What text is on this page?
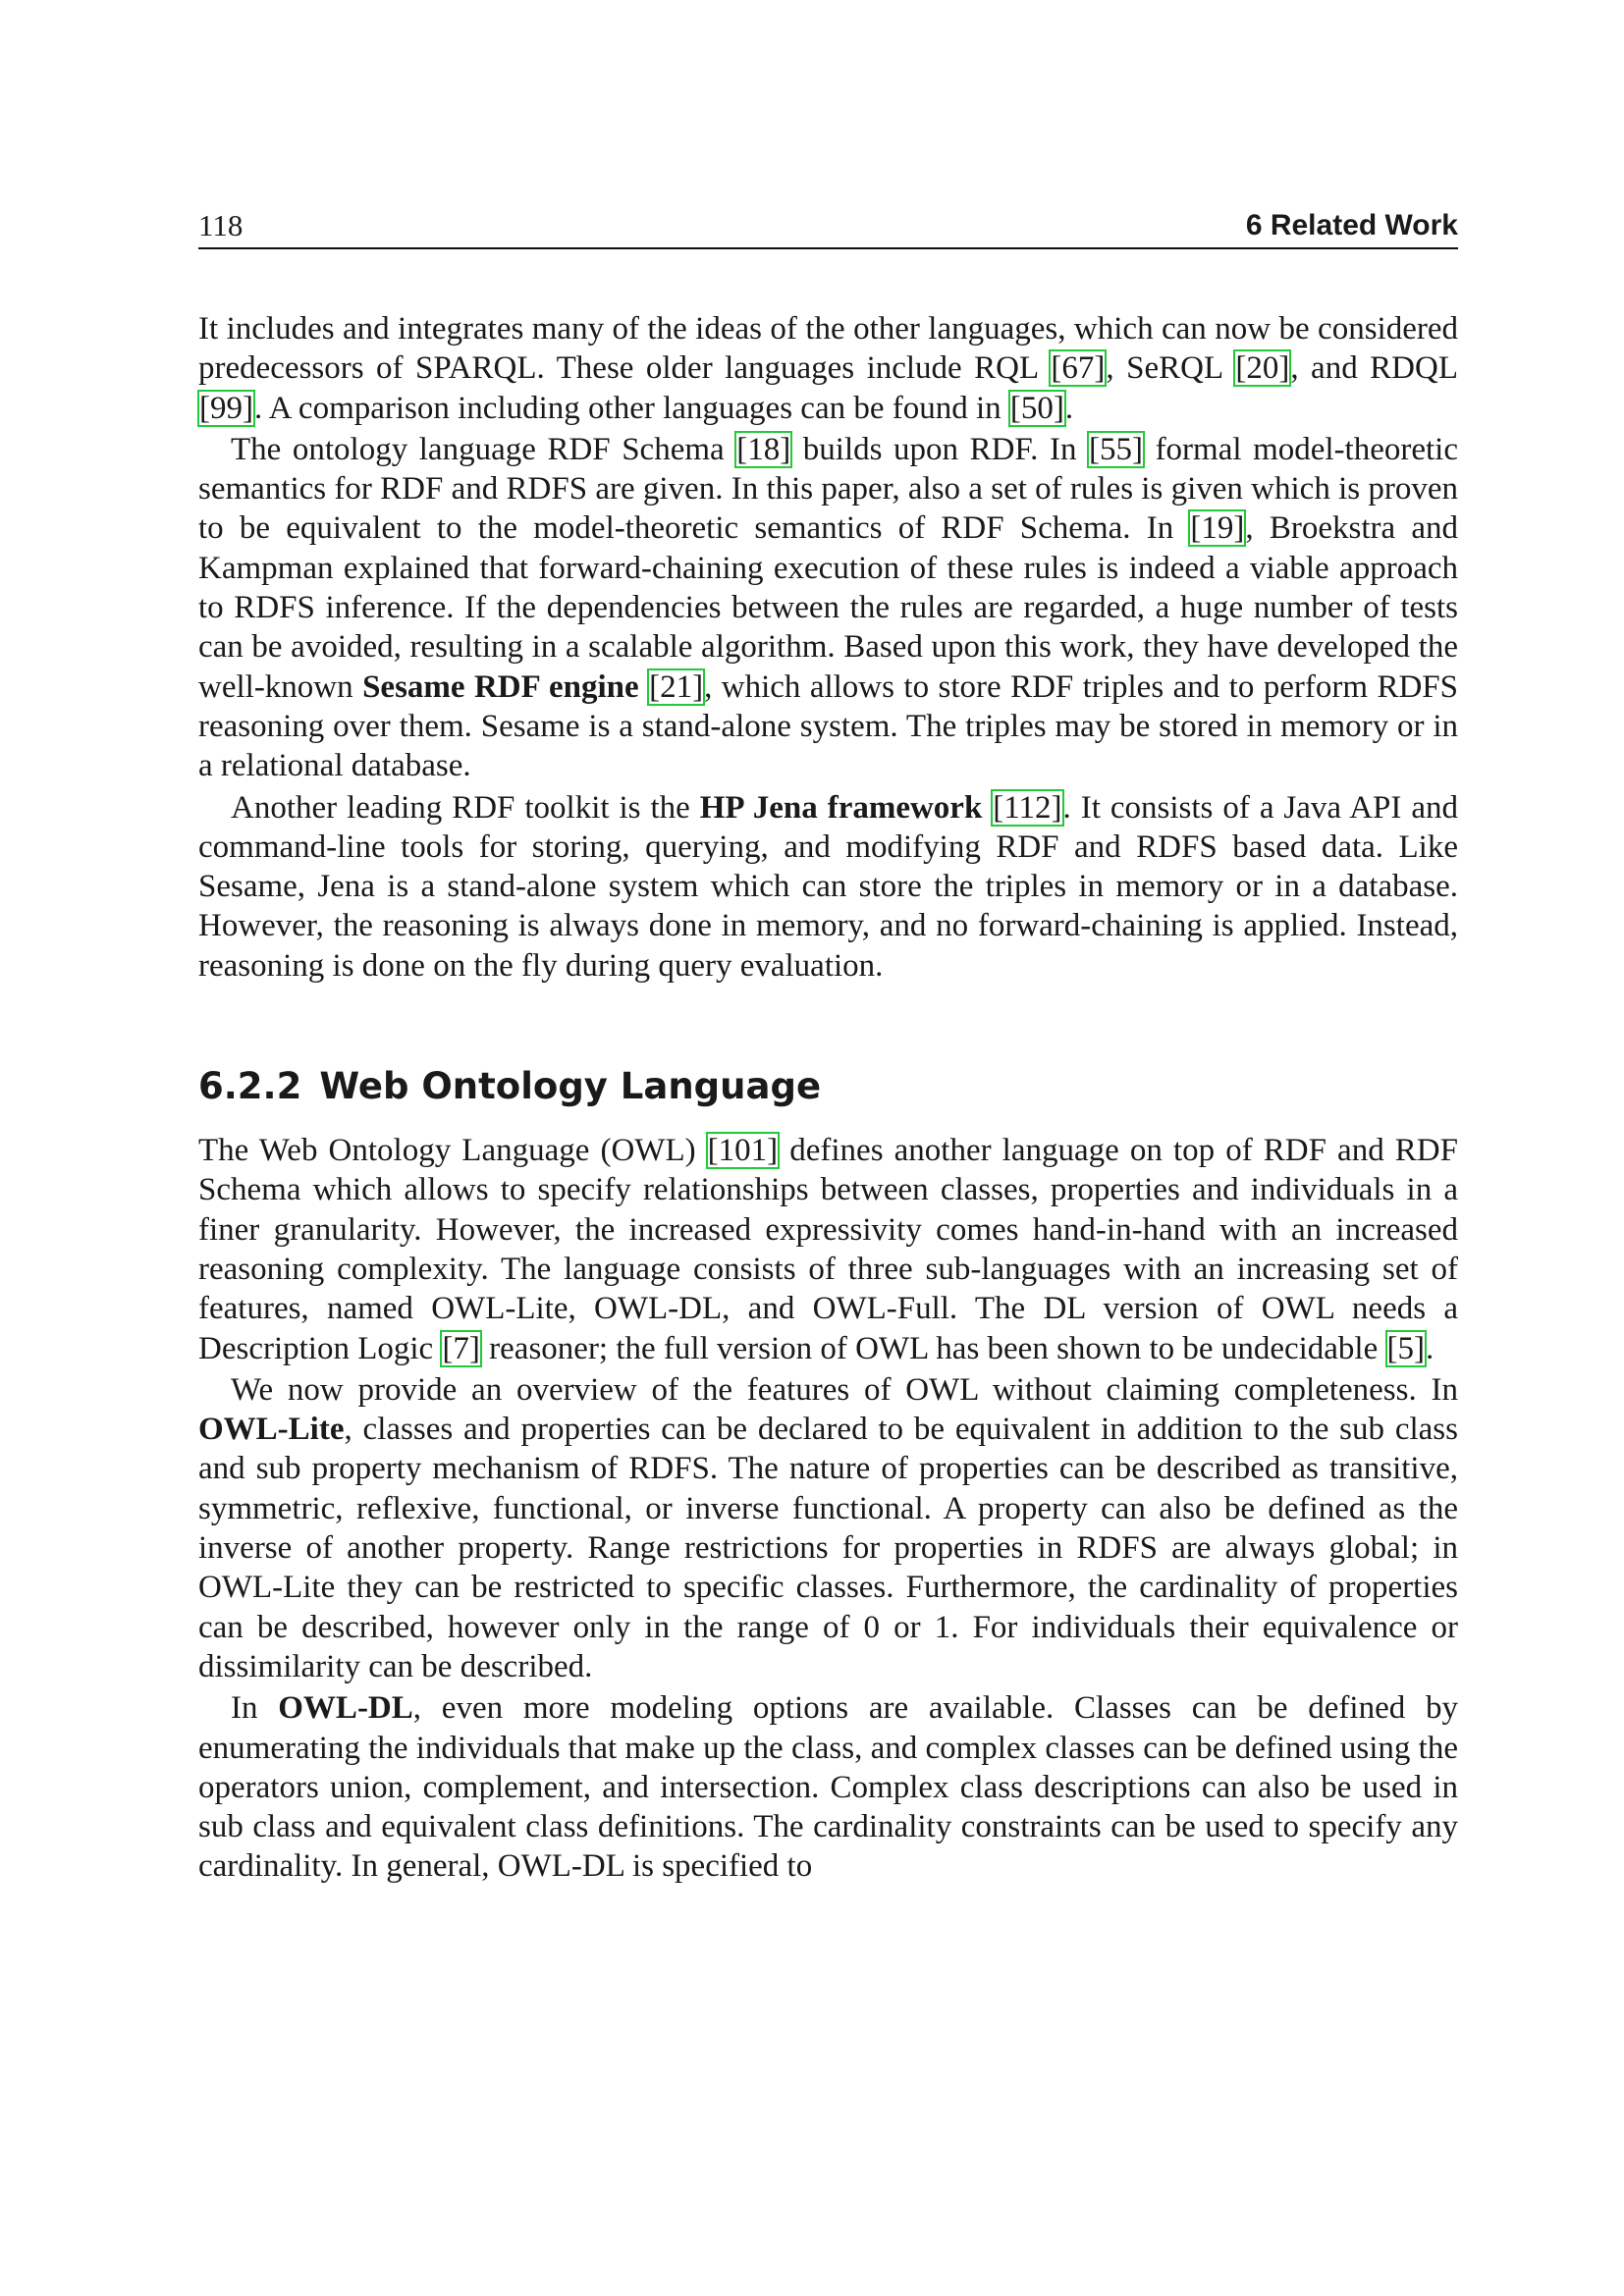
118	6 Related Work

It includes and integrates many of the ideas of the other languages, which can now be considered predecessors of SPARQL. These older languages include RQL [67], SeRQL [20], and RDQL [99]. A comparison including other languages can be found in [50].

The ontology language RDF Schema [18] builds upon RDF. In [55] formal model-theoretic semantics for RDF and RDFS are given. In this paper, also a set of rules is given which is proven to be equivalent to the model-theoretic semantics of RDF Schema. In [19], Broekstra and Kampman explained that forward-chaining execution of these rules is indeed a viable approach to RDFS inference. If the dependencies between the rules are regarded, a huge number of tests can be avoided, resulting in a scalable algorithm. Based upon this work, they have developed the well-known Sesame RDF engine [21], which allows to store RDF triples and to perform RDFS reasoning over them. Sesame is a stand-alone system. The triples may be stored in memory or in a relational database.

Another leading RDF toolkit is the HP Jena framework [112]. It consists of a Java API and command-line tools for storing, querying, and modifying RDF and RDFS based data. Like Sesame, Jena is a stand-alone system which can store the triples in memory or in a database. However, the reasoning is always done in memory, and no forward-chaining is applied. Instead, reasoning is done on the fly during query evaluation.

6.2.2 Web Ontology Language

The Web Ontology Language (OWL) [101] defines another language on top of RDF and RDF Schema which allows to specify relationships between classes, properties and individuals in a finer granularity. However, the increased expressivity comes hand-in-hand with an increased reasoning complexity. The language consists of three sub-languages with an increasing set of features, named OWL-Lite, OWL-DL, and OWL-Full. The DL version of OWL needs a Description Logic [7] reasoner; the full version of OWL has been shown to be undecidable [5].

We now provide an overview of the features of OWL without claiming completeness. In OWL-Lite, classes and properties can be declared to be equivalent in addition to the sub class and sub property mechanism of RDFS. The nature of properties can be described as transitive, symmetric, reflexive, functional, or inverse functional. A property can also be defined as the inverse of another property. Range restrictions for properties in RDFS are always global; in OWL-Lite they can be restricted to specific classes. Furthermore, the cardinality of properties can be described, however only in the range of 0 or 1. For individuals their equivalence or dissimilarity can be described.

In OWL-DL, even more modeling options are available. Classes can be defined by enumerating the individuals that make up the class, and complex classes can be defined using the operators union, complement, and intersection. Complex class descriptions can also be used in sub class and equivalent class definitions. The cardinality constraints can be used to specify any cardinality. In general, OWL-DL is specified to
